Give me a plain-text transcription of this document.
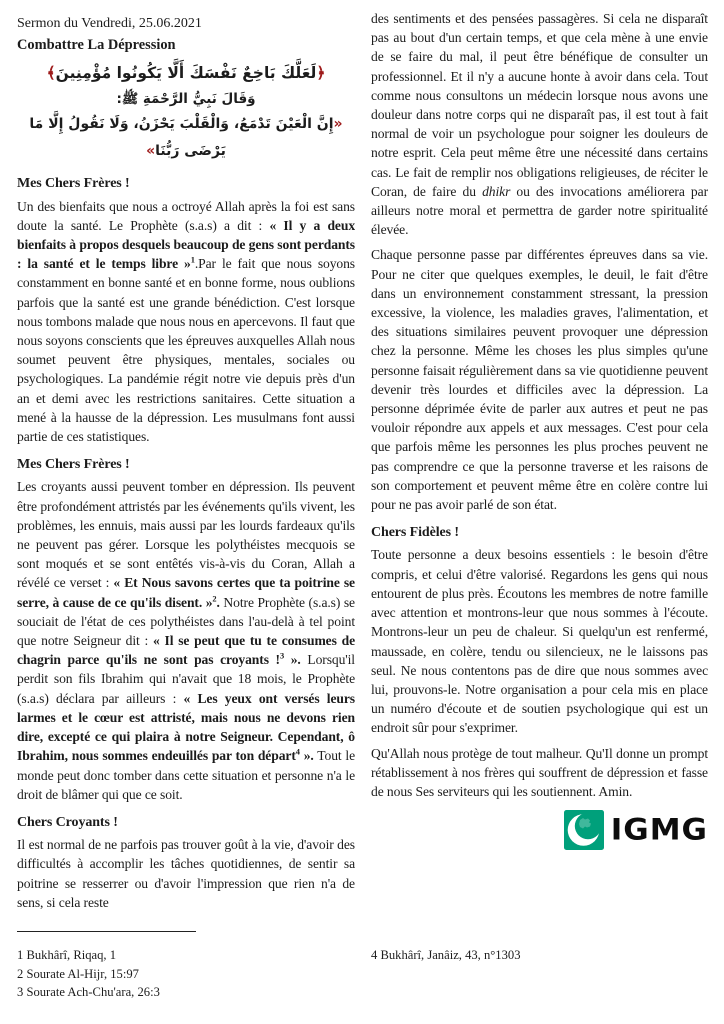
Sermon du Vendredi, 25.06.2021
Combattre La Dépression
﴿لَعَلَّكَ بَاخِعٌ نَفْسَكَ أَلَّا يَكُونُوا مُؤْمِنِينَ﴾
وَقَالَ نَبِيُّ الرَّحْمَةِ ﷺ:
«إِنَّ الْعَيْنَ تَدْمَعُ، وَالْقَلْبَ يَحْزَنُ، وَلَا نَقُولُ إِلَّا مَا يَرْضَى رَبُّنَا»
Mes Chers Frères !

Un des bienfaits que nous a octroyé Allah après la foi est sans doute la santé. Le Prophète (s.a.s) a dit : « Il y a deux bienfaits à propos desquels beaucoup de gens sont perdants : la santé et le temps libre »$^1$.Par le fait que nous soyons constamment en bonne santé et en bonne forme, nous oublions parfois que la santé est une grande bénédiction. C'est lorsque nous tombons malade que nous nous en apercevons. Il faut que nous soyons conscients que les épreuves auxquelles Allah nous soumet peuvent être physiques, mentales, sociales ou psychologiques. La pandémie régit notre vie depuis près d'un an et demi avec les restrictions sanitaires. Cette situation a mené à la hausse de la dépression. Les musulmans font aussi partie de ces statistiques.

Mes Chers Frères !

Les croyants aussi peuvent tomber en dépression. Ils peuvent être profondément attristés par les événements qu'ils vivent, les problèmes, les ennuis, mais aussi par les lourds fardeaux qu'ils ne peuvent pas gérer. Lorsque les polythéistes mecquois se sont moqués et se sont entêtés vis-à-vis du Coran, Allah a révélé ce verset : « Et Nous savons certes que ta poitrine se serre, à cause de ce qu'ils disent. »$^2$. Notre Prophète (s.a.s) se souciait de l'état de ces polythéistes dans l'au-delà à tel point que notre Seigneur dit : « Il se peut que tu te consumes de chagrin parce qu'ils ne sont pas croyants !$^3$ ». Lorsqu'il perdit son fils Ibrahim qui n'avait que 18 mois, le Prophète (s.a.s) déclara par ailleurs : « Les yeux ont versés leurs larmes et le cœur est attristé, mais nous ne devons rien dire, excepté ce qui plaira à notre Seigneur. Cependant, ô Ibrahim, nous sommes endeuillés par ton départ$^4$ ». Tout le monde peut donc tomber dans cette situation et personne n'a le droit de blâmer qui que ce soit.

Chers Croyants !

Il est normal de ne parfois pas trouver goût à la vie, d'avoir des difficultés à accomplir les tâches quotidiennes, de sentir sa poitrine se resserrer ou d'avoir l'impression que rien n'a de sens, si cela reste

des sentiments et des pensées passagères. Si cela ne disparaît pas au bout d'un certain temps, et que cela mène à une envie de se faire du mal, il peut être bénéfique de consulter un professionnel. Et il n'y a aucune honte à avoir dans cela. Tout comme nous consultons un médecin lorsque nous avons une douleur dans notre corps qui ne disparaît pas, il est tout à fait normal de voir un psychologue pour soigner les douleurs de notre esprit. Cela peut même être une nécessité dans certains cas. Le fait de remplir nos obligations religieuses, de réciter le Coran, de faire du dhikr ou des invocations améliorera par ailleurs notre moral et permettra de garder notre spiritualité élevée.

Chaque personne passe par différentes épreuves dans sa vie. Pour ne citer que quelques exemples, le deuil, le fait d'être dans un environnement constamment stressant, la pression excessive, la violence, les maladies graves, l'alimentation, et des situations similaires peuvent provoquer une dépression chez la personne. Même les choses les plus simples qu'une personne faisait régulièrement dans sa vie quotidienne peuvent devenir très lourdes et difficiles avec la dépression. La personne déprimée évite de parler aux autres et peut ne pas vouloir répondre aux appels et aux messages. C'est pour cela que parfois même les personnes les plus proches peuvent ne pas comprendre ce que la personne traverse et les raisons de son comportement et peuvent même être en colère contre lui pour ne pas avoir parlé de son état.

Chers Fidèles !

Toute personne a deux besoins essentiels : le besoin d'être compris, et celui d'être valorisé. Regardons les gens qui nous entourent de plus près. Écoutons les membres de notre famille avec attention et montrons-leur que nous sommes à l'écoute. Montrons-leur un peu de chaleur. Si quelqu'un est renfermé, maussade, en colère, tendu ou silencieux, ne le laissons pas seul. Ne nous contentons pas de dire que nous sommes avec lui, prouvons-le. Notre organisation a pour cela mis en place un numéro d'écoute et de soutien psychologique qui est un endroit sûr pour s'exprimer.

Qu'Allah nous protège de tout malheur. Qu'Il donne un prompt rétablissement à nos frères qui souffrent de dépression et fasse de nous Ses serviteurs qui les soutiennent. Amin.

IGMG
1 Bukhârî, Riqaq, 1
2 Sourate Al-Hijr, 15:97
3 Sourate Ach-Chu'ara, 26:3
4 Bukhârî, Janâiz, 43, n°1303
